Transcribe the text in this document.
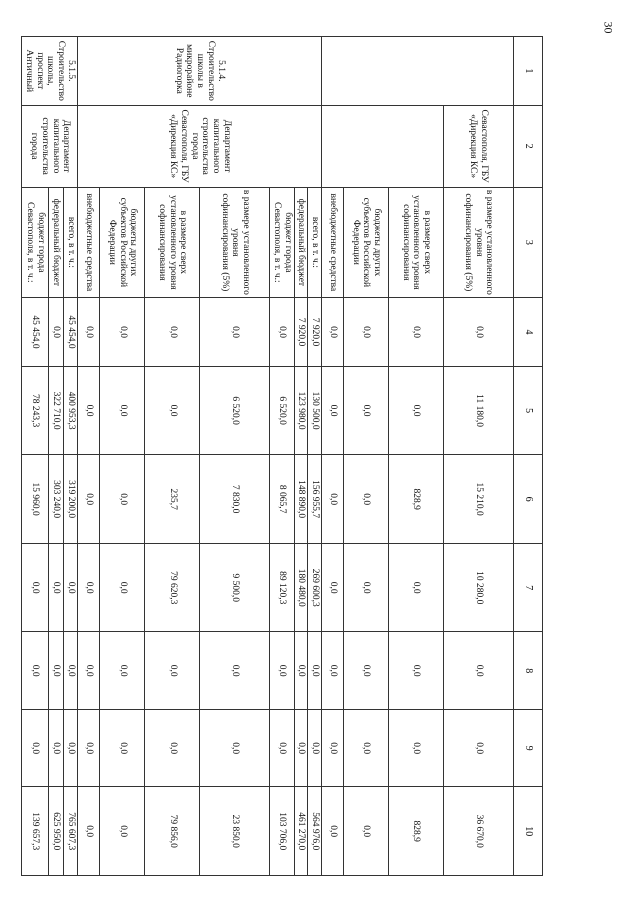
30
1	2	3	4	5	6	7	8	9	10
	Севастополя, ГБУ «Дирекция КС»	в размере установленного уровня софинансирования (5%)	0,0	11 180,0	15 210,0	10 280,0	0,0	0,0	36 670,0
		в размере сверх установленного уровня софинансирования	0,0	0,0	828,9	0,0	0,0	0,0	828,9
		бюджеты других субъектов Российской Федерации	0,0	0,0	0,0	0,0	0,0	0,0	0,0
		внебюджетные средства	0,0	0,0	0,0	0,0	0,0	0,0	0,0
5.1.4. Строительство школы в микрорайоне Радиогорка	Департамент капитального строительства города Севастополя, ГБУ «Дирекция КС»	всего, в т. ч.:	7 920,0	130 500,0	156 955,7	269 600,3	0,0	0,0	564 976,0
		федеральный бюджет	7 920,0	123 980,0	148 890,0	180 480,0	0,0	0,0	461 270,0
		бюджет города Севастополя, в т. ч.:	0,0	6 520,0	8 065,7	89 120,3	0,0	0,0	103 706,0
		в размере установленного уровня софинансирования (5%)	0,0	6 520,0	7 830,0	9 500,0	0,0	0,0	23 850,0
		в размере сверх установленного уровня софинансирования	0,0	0,0	235,7	79 620,3	0,0	0,0	79 856,0
		бюджеты других субъектов Российской Федерации	0,0	0,0	0,0	0,0	0,0	0,0	0,0
		внебюджетные средства	0,0	0,0	0,0	0,0	0,0	0,0	0,0
5.1.5. Строительство школы, проспект Античный	Департамент капитального строительства города	всего, в т. ч.:	45 454,0	400 953,3	319 200,0	0,0	0,0	0,0	765 607,3
		федеральный бюджет	0,0	322 710,0	303 240,0	0,0	0,0	0,0	625 950,0
		бюджет города Севастополя, в т. ч.:	45 454,0	78 243,3	15 960,0	0,0	0,0	0,0	139 657,3
